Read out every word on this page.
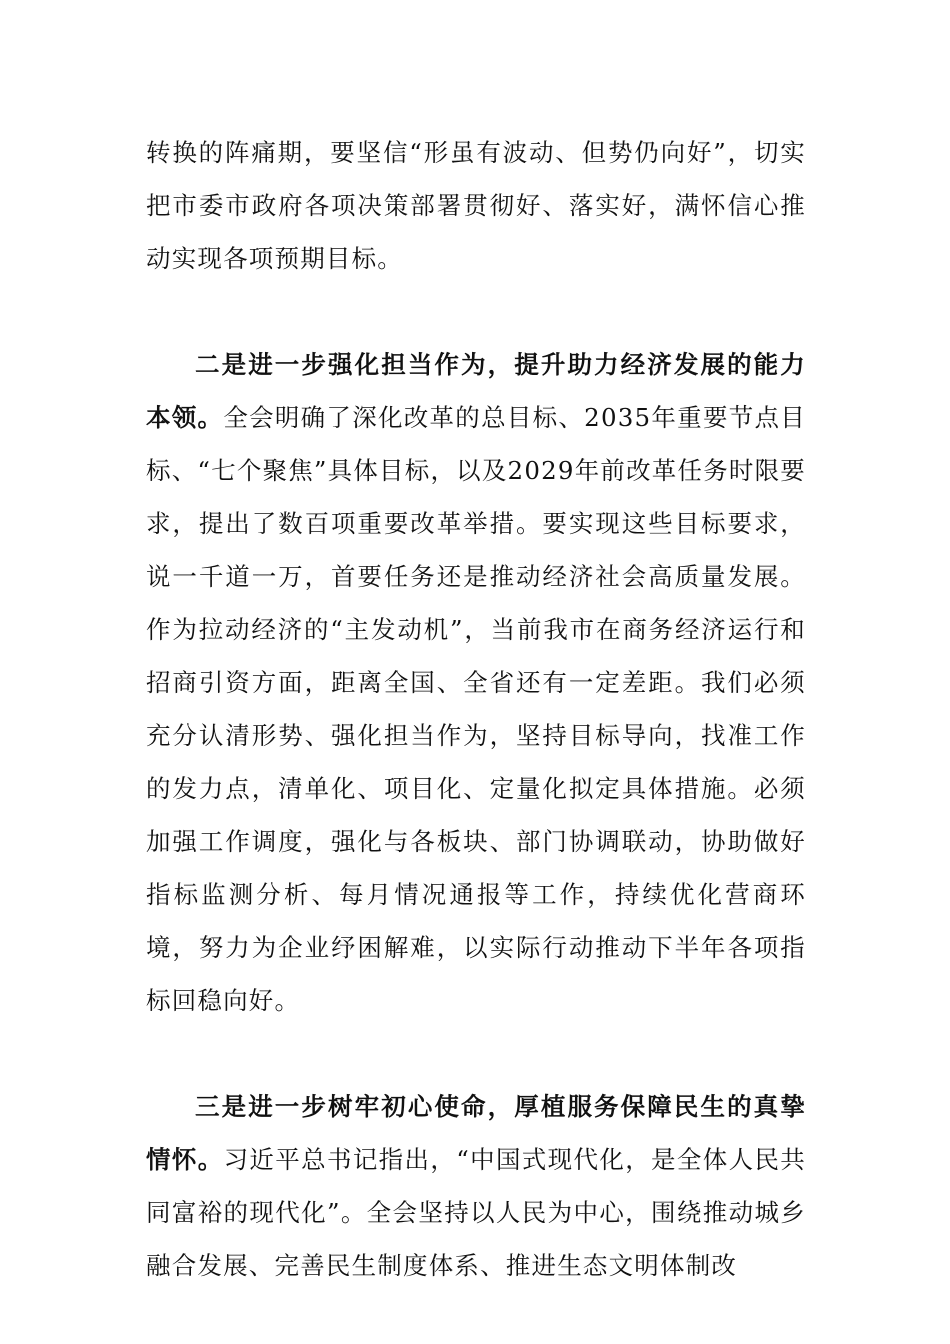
转换的阵痛期，要坚信“形虽有波动、但势仍向好”，切实把市委市政府各项决策部署贯彻好、落实好，满怀信心推动实现各项预期目标。

二是进一步强化担当作为，提升助力经济发展的能力本领。全会明确了深化改革的总目标、2035年重要节点目标、“七个聚焦”具体目标，以及2029年前改革任务时限要求，提出了数百项重要改革举措。要实现这些目标要求，说一千道一万，首要任务还是推动经济社会高质量发展。作为拉动经济的“主发动机”，当前我市在商务经济运行和招商引资方面，距离全国、全省还有一定差距。我们必须充分认清形势、强化担当作为，坚持目标导向，找准工作的发力点，清单化、项目化、定量化拟定具体措施。必须加强工作调度，强化与各板块、部门协调联动，协助做好指标监测分析、每月情况通报等工作，持续优化营商环境，努力为企业纾困解难，以实际行动推动下半年各项指标回稳向好。

三是进一步树牢初心使命，厚植服务保障民生的真挚情怀。习近平总书记指出，“中国式现代化，是全体人民共同富裕的现代化”。全会坚持以人民为中心，围绕推动城乡融合发展、完善民生制度体系、推进生态文明体制改
